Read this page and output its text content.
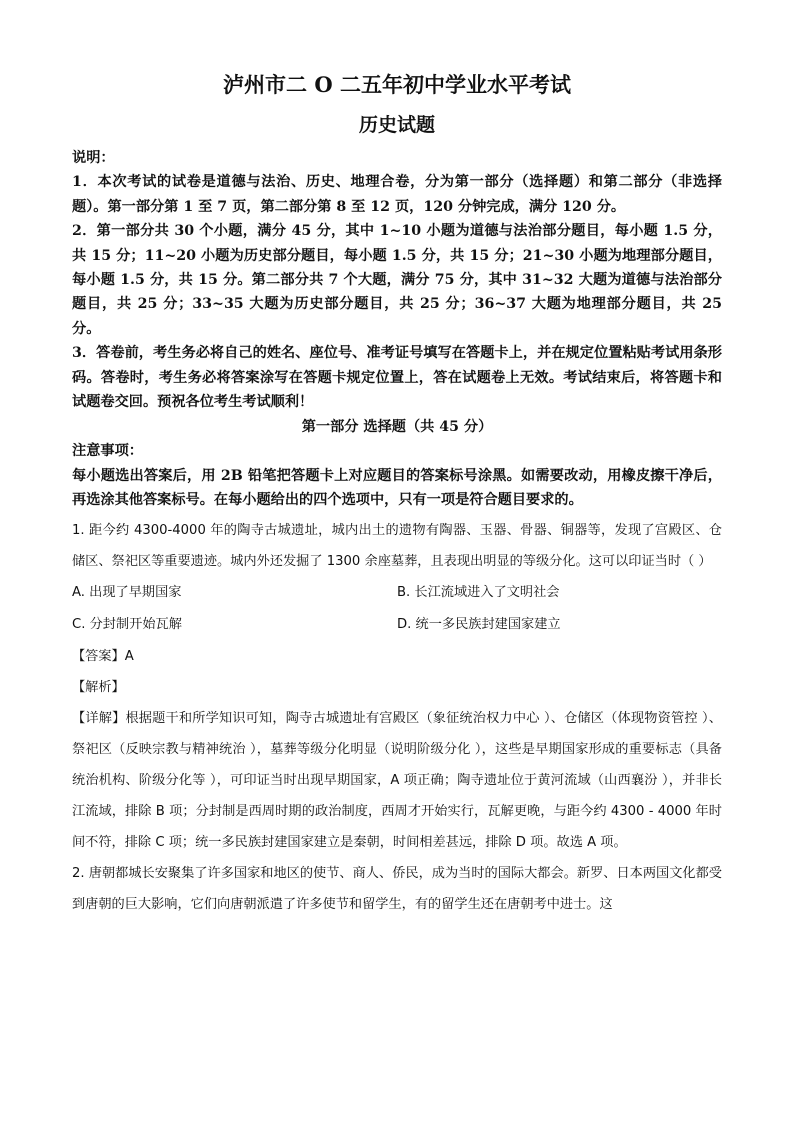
泸州市二 O 二五年初中学业水平考试
历史试题

说明：

1．本次考试的试卷是道德与法治、历史、地理合卷，分为第一部分（选择题）和第二部分（非选择题）。第一部分第 1 至 7 页，第二部分第 8 至 12 页，120 分钟完成，满分 120 分。

2．第一部分共 30 个小题，满分 45 分，其中 1~10 小题为道德与法治部分题目，每小题 1.5 分，共 15 分；11~20 小题为历史部分题目，每小题 1.5 分，共 15 分；21~30 小题为地理部分题目，每小题 1.5 分，共 15 分。第二部分共 7 个大题，满分 75 分，其中 31~32 大题为道德与法治部分题目，共 25 分；33~35 大题为历史部分题目，共 25 分；36~37 大题为地理部分题目，共 25 分。

3．答卷前，考生务必将自己的姓名、座位号、准考证号填写在答题卡上，并在规定位置粘贴考试用条形码。答卷时，考生务必将答案涂写在答题卡规定位置上，答在试题卷上无效。考试结束后，将答题卡和试题卷交回。预祝各位考生考试顺利！

第一部分 选择题（共 45 分）

注意事项：

每小题选出答案后，用 2B 铅笔把答题卡上对应题目的答案标号涂黑。如需要改动，用橡皮擦干净后，再选涂其他答案标号。在每小题给出的四个选项中，只有一项是符合题目要求的。

1. 距今约 4300-4000 年的陶寺古城遗址，城内出土的遗物有陶器、玉器、骨器、铜器等，发现了宫殿区、仓储区、祭祀区等重要遗迹。城内外还发掘了 1300 余座墓葬，且表现出明显的等级分化。这可以印证当时（ ）

A. 出现了早期国家	B. 长江流域进入了文明社会
C. 分封制开始瓦解	D. 统一多民族封建国家建立

【答案】A

【解析】

【详解】根据题干和所学知识可知，陶寺古城遗址有宫殿区（象征统治权力中心 ）、仓储区（体现物资管控 ）、祭祀区（反映宗教与精神统治 ），墓葬等级分化明显（说明阶级分化 ），这些是早期国家形成的重要标志（具备统治机构、阶级分化等 ），可印证当时出现早期国家，A 项正确；陶寺遗址位于黄河流域（山西襄汾 ），并非长江流域，排除 B 项；分封制是西周时期的政治制度，西周才开始实行，瓦解更晚，与距今约 4300 - 4000 年时间不符，排除 C 项；统一多民族封建国家建立是秦朝，时间相差甚远，排除 D 项。故选 A 项。

2. 唐朝都城长安聚集了许多国家和地区的使节、商人、侨民，成为当时的国际大都会。新罗、日本两国文化都受到唐朝的巨大影响，它们向唐朝派遣了许多使节和留学生，有的留学生还在唐朝考中进士。这
